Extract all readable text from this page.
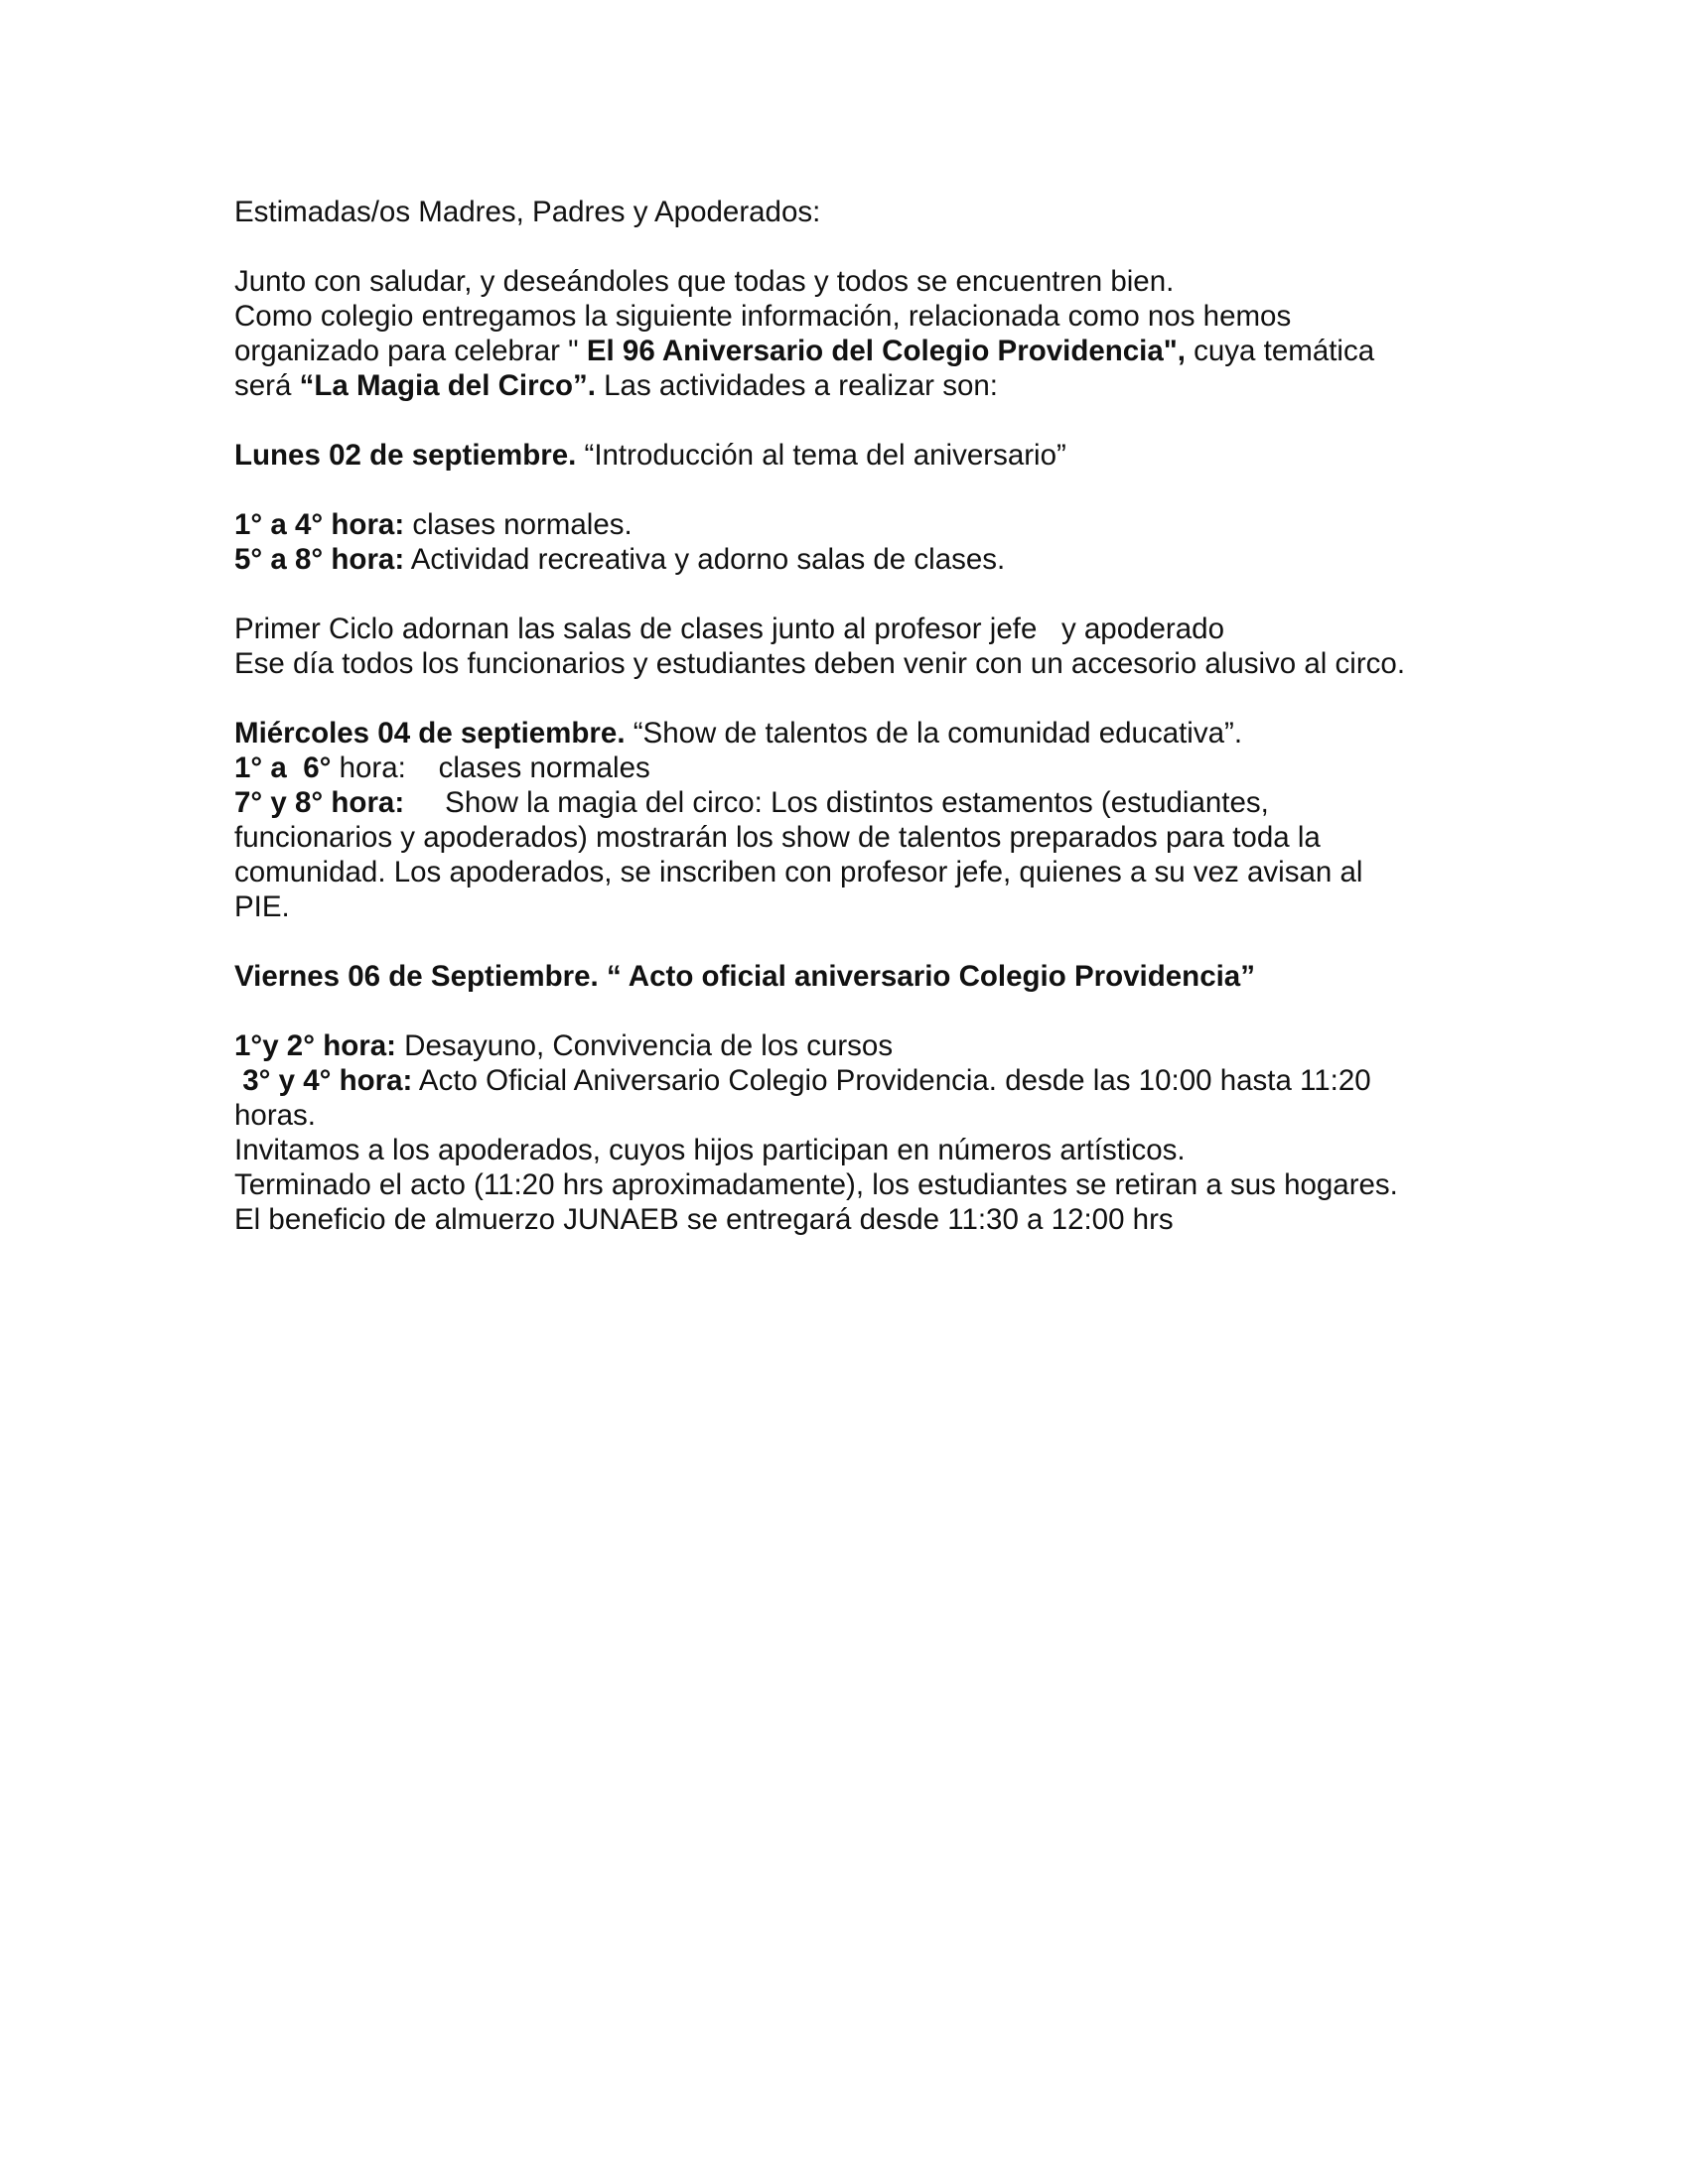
Estimadas/os Madres, Padres y Apoderados:
Junto con saludar, y deseándoles que todas y todos se encuentren bien.
Como colegio entregamos la siguiente información, relacionada como nos hemos
organizado para celebrar " El 96 Aniversario del Colegio Providencia", cuya temática
será “La Magia del Circo”. Las actividades a realizar son:
Lunes 02 de septiembre. “Introducción al tema del aniversario”
1° a 4° hora: clases normales.
5° a 8° hora: Actividad recreativa y adorno salas de clases.
Primer Ciclo adornan las salas de clases junto al profesor jefe   y apoderado
Ese día todos los funcionarios y estudiantes deben venir con un accesorio alusivo al circo.
Miércoles 04 de septiembre. “Show de talentos de la comunidad educativa”.
1° a  6° hora:    clases normales
7° y 8° hora:     Show la magia del circo: Los distintos estamentos (estudiantes,
funcionarios y apoderados) mostrarán los show de talentos preparados para toda la
comunidad. Los apoderados, se inscriben con profesor jefe, quienes a su vez avisan al
PIE.
Viernes 06 de Septiembre. “ Acto oficial aniversario Colegio Providencia”
1°y 2° hora: Desayuno, Convivencia de los cursos
3° y 4° hora: Acto Oficial Aniversario Colegio Providencia. desde las 10:00 hasta 11:20
horas.
Invitamos a los apoderados, cuyos hijos participan en números artísticos.
Terminado el acto (11:20 hrs aproximadamente), los estudiantes se retiran a sus hogares.
El beneficio de almuerzo JUNAEB se entregará desde 11:30 a 12:00 hrs
